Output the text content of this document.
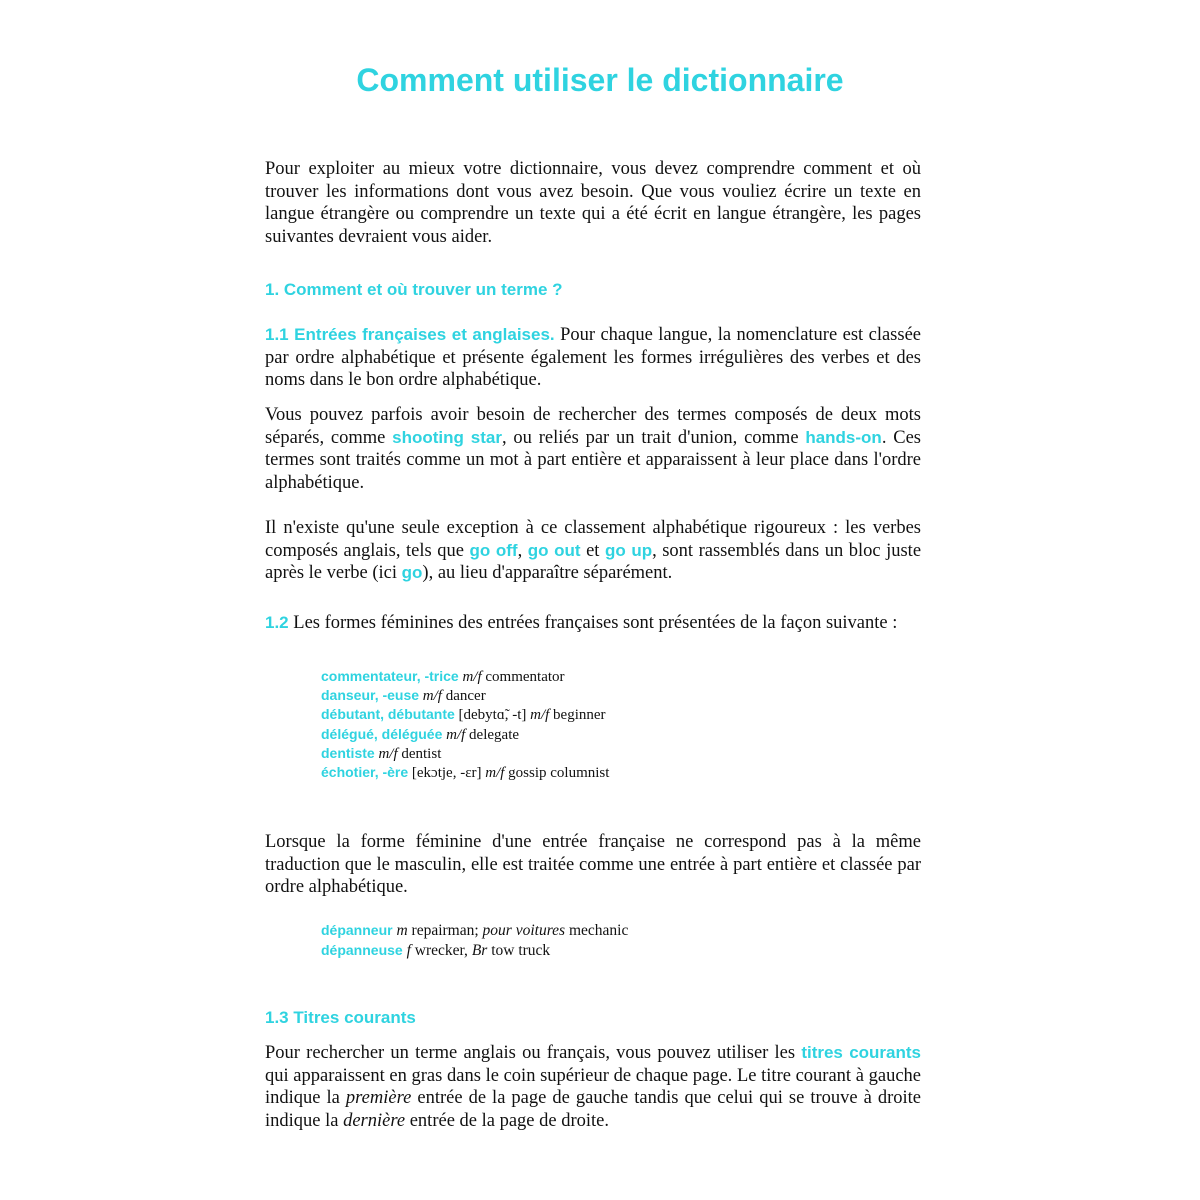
Comment utiliser le dictionnaire

Pour exploiter au mieux votre dictionnaire, vous devez comprendre comment et où trouver les informations dont vous avez besoin. Que vous vouliez écrire un texte en langue étrangère ou comprendre un texte qui a été écrit en langue étrangère, les pages suivantes devraient vous aider.

1. Comment et où trouver un terme ?

1.1 Entrées françaises et anglaises. Pour chaque langue, la nomenclature est classée par ordre alphabétique et présente également les formes irrégulières des verbes et des noms dans le bon ordre alphabétique.

Vous pouvez parfois avoir besoin de rechercher des termes composés de deux mots séparés, comme shooting star, ou reliés par un trait d'union, comme hands-on. Ces termes sont traités comme un mot à part entière et apparaissent à leur place dans l'ordre alphabétique.

Il n'existe qu'une seule exception à ce classement alphabétique rigoureux : les verbes composés anglais, tels que go off, go out et go up, sont rassemblés dans un bloc juste après le verbe (ici go), au lieu d'apparaître séparément.

1.2 Les formes féminines des entrées françaises sont présentées de la façon suivante :

commentateur, -trice m/f commentator
danseur, -euse m/f dancer
débutant, débutante [debytɑ̃, -t] m/f beginner
délégué, déléguée m/f delegate
dentiste m/f dentist
échotier, -ère [ekɔtje, -ɛr] m/f gossip columnist

Lorsque la forme féminine d'une entrée française ne correspond pas à la même traduction que le masculin, elle est traitée comme une entrée à part entière et classée par ordre alphabétique.

dépanneur m repairman; pour voitures mechanic
dépanneuse f wrecker, Br tow truck
1.3 Titres courants

Pour rechercher un terme anglais ou français, vous pouvez utiliser les titres courants qui apparaissent en gras dans le coin supérieur de chaque page. Le titre courant à gauche indique la première entrée de la page de gauche tandis que celui qui se trouve à droite indique la dernière entrée de la page de droite.
